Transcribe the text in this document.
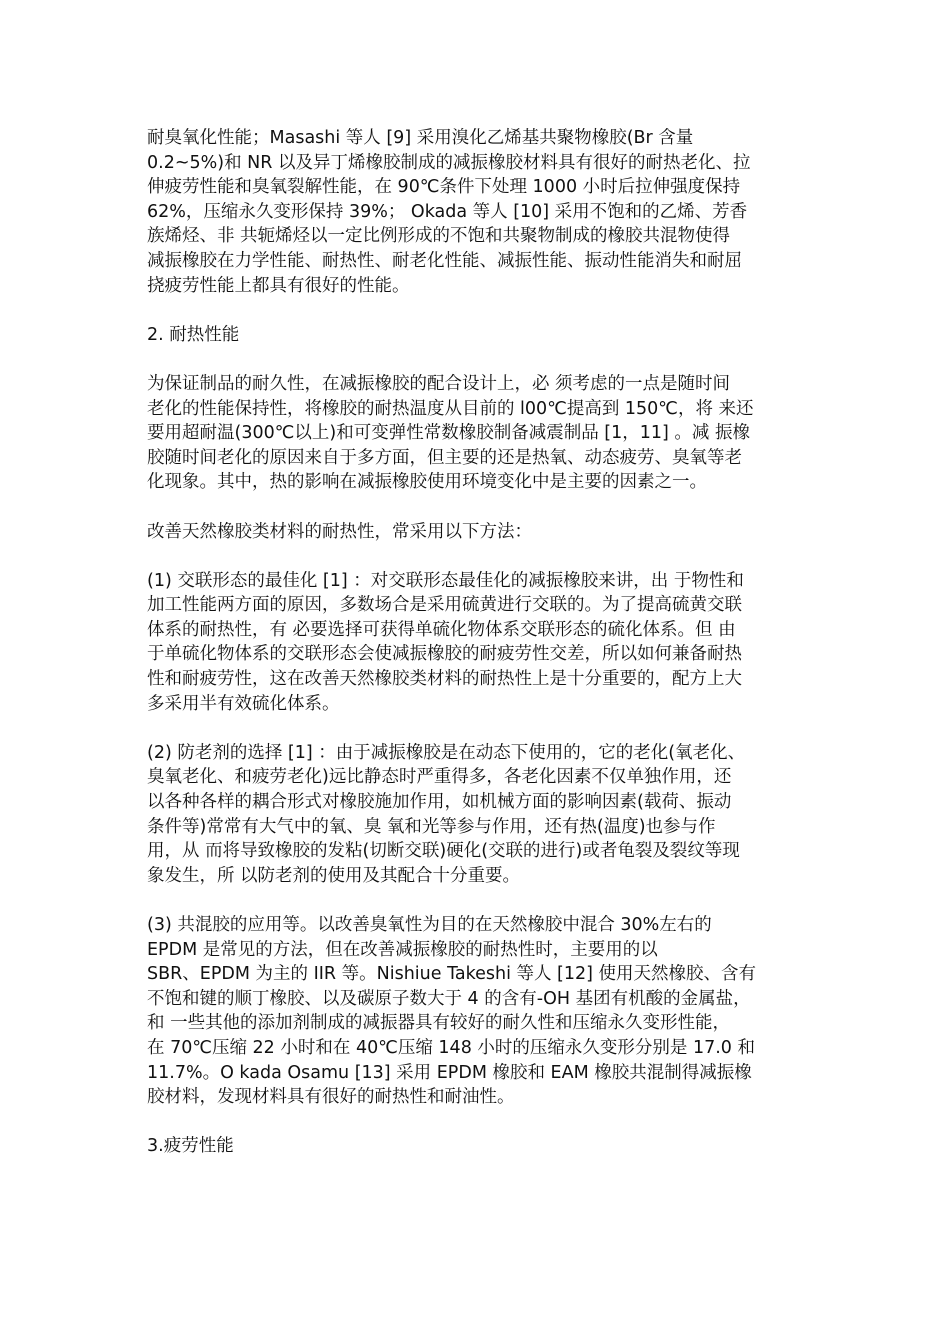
耐臭氧化性能；Masashi 等人 [9] 采用溴化乙烯基共聚物橡胶(Br 含量
0.2~5%)和 NR 以及异丁烯橡胶制成的减振橡胶材料具有很好的耐热老化、拉
伸疲劳性能和臭氧裂解性能，在 90℃条件下处理 1000 小时后拉伸强度保持
62%，压缩永久变形保持 39%； Okada 等人 [10] 采用不饱和的乙烯、芳香
族烯烃、非 共轭烯烃以一定比例形成的不饱和共聚物制成的橡胶共混物使得
减振橡胶在力学性能、耐热性、耐老化性能、减振性能、振动性能消失和耐屈
挠疲劳性能上都具有很好的性能。
2. 耐热性能
为保证制品的耐久性，在减振橡胶的配合设计上，必 须考虑的一点是随时间
老化的性能保持性，将橡胶的耐热温度从目前的 l00℃提高到 150℃，将 来还
要用超耐温(300℃以上)和可变弹性常数橡胶制备减震制品 [1，11] 。减 振橡
胶随时间老化的原因来自于多方面，但主要的还是热氧、动态疲劳、臭氧等老
化现象。其中，热的影响在减振橡胶使用环境变化中是主要的因素之一。
改善天然橡胶类材料的耐热性，常采用以下方法：
(1) 交联形态的最佳化 [1] ：对交联形态最佳化的减振橡胶来讲，出 于物性和
加工性能两方面的原因，多数场合是采用硫黄进行交联的。为了提高硫黄交联
体系的耐热性，有 必要选择可获得单硫化物体系交联形态的硫化体系。但 由
于单硫化物体系的交联形态会使减振橡胶的耐疲劳性交差，所以如何兼备耐热
性和耐疲劳性，这在改善天然橡胶类材料的耐热性上是十分重要的，配方上大
多采用半有效硫化体系。
(2) 防老剂的选择 [1] ：由于减振橡胶是在动态下使用的，它的老化(氧老化、
臭氧老化、和疲劳老化)远比静态时严重得多，各老化因素不仅单独作用，还
以各种各样的耦合形式对橡胶施加作用，如机械方面的影响因素(载荷、振动
条件等)常常有大气中的氧、臭 氧和光等参与作用，还有热(温度)也参与作
用，从 而将导致橡胶的发粘(切断交联)硬化(交联的进行)或者龟裂及裂纹等现
象发生，所 以防老剂的使用及其配合十分重要。
(3) 共混胶的应用等。以改善臭氧性为目的在天然橡胶中混合 30%左右的
EPDM 是常见的方法，但在改善减振橡胶的耐热性时，主要用的以
SBR、EPDM 为主的 IIR 等。Nishiue Takeshi 等人 [12] 使用天然橡胶、含有
不饱和键的顺丁橡胶、以及碳原子数大于 4 的含有-OH 基团有机酸的金属盐，
和 一些其他的添加剂制成的减振器具有较好的耐久性和压缩永久变形性能，
在 70℃压缩 22 小时和在 40℃压缩 148 小时的压缩永久变形分别是 17.0 和
11.7%。O kada Osamu [13] 采用 EPDM 橡胶和 EAM 橡胶共混制得减振橡
胶材料，发现材料具有很好的耐热性和耐油性。
3.疲劳性能
